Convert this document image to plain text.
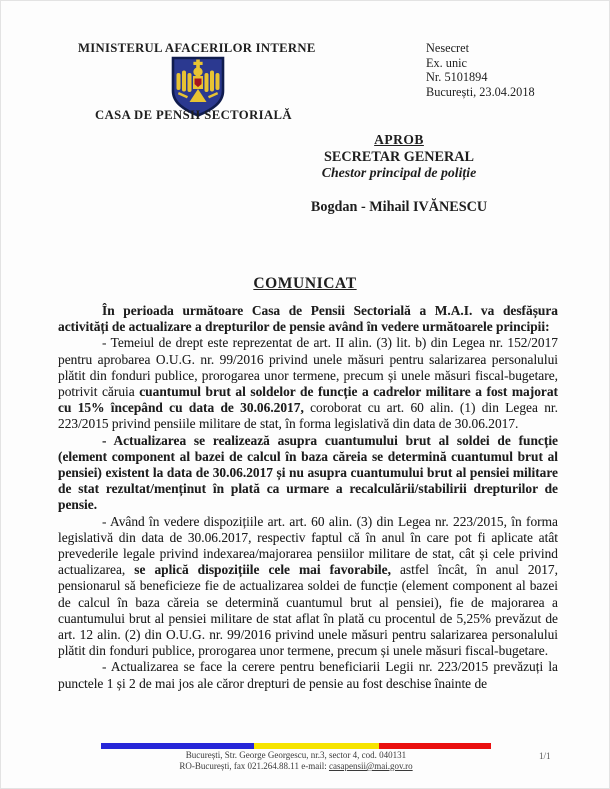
MINISTERUL AFACERILOR INTERNE
CASA DE PENSII SECTORIALĂ
Nesecret
Ex. unic
Nr. 5101894
București, 23.04.2018
APROB
SECRETAR GENERAL
Chestor principal de poliție
Bogdan - Mihail IVĂNESCU
COMUNICAT

În perioada următoare Casa de Pensii Sectorială a M.A.I. va desfășura activități de actualizare a drepturilor de pensie având în vedere următoarele principii:

- Temeiul de drept este reprezentat de art. II alin. (3) lit. b) din Legea nr. 152/2017 pentru aprobarea O.U.G. nr. 99/2016 privind unele măsuri pentru salarizarea personalului plătit din fonduri publice, prorogarea unor termene, precum și unele măsuri fiscal-bugetare, potrivit căruia cuantumul brut al soldelor de funcție a cadrelor militare a fost majorat cu 15% începând cu data de 30.06.2017, coroborat cu art. 60 alin. (1) din Legea nr. 223/2015 privind pensiile militare de stat, în forma legislativă din data de 30.06.2017.

- Actualizarea se realizează asupra cuantumului brut al soldei de funcție (element component al bazei de calcul în baza căreia se determină cuantumul brut al pensiei) existent la data de 30.06.2017 și nu asupra cuantumului brut al pensiei militare de stat rezultat/menținut în plată ca urmare a recalculării/stabilirii drepturilor de pensie.

- Având în vedere dispozițiile art. art. 60 alin. (3) din Legea nr. 223/2015, în forma legislativă din data de 30.06.2017, respectiv faptul că în anul în care pot fi aplicate atât prevederile legale privind indexarea/majorarea pensiilor militare de stat, cât și cele privind actualizarea, se aplică dispozițiile cele mai favorabile, astfel încât, în anul 2017, pensionarul să beneficieze fie de actualizarea soldei de funcție (element component al bazei de calcul în baza căreia se determină cuantumul brut al pensiei), fie de majorarea a cuantumului brut al pensiei militare de stat aflat în plată cu procentul de 5,25% prevăzut de art. 12 alin. (2) din O.U.G. nr. 99/2016 privind unele măsuri pentru salarizarea personalului plătit din fonduri publice, prorogarea unor termene, precum și unele măsuri fiscal-bugetare.

- Actualizarea se face la cerere pentru beneficiarii Legii nr. 223/2015 prevăzuți la punctele 1 și 2 de mai jos ale căror drepturi de pensie au fost deschise înainte de

București, Str. George Georgescu, nr.3, sector 4, cod. 040131
RO-București, fax 021.264.88.11 e-mail: casapensii@mai.gov.ro
1/1
